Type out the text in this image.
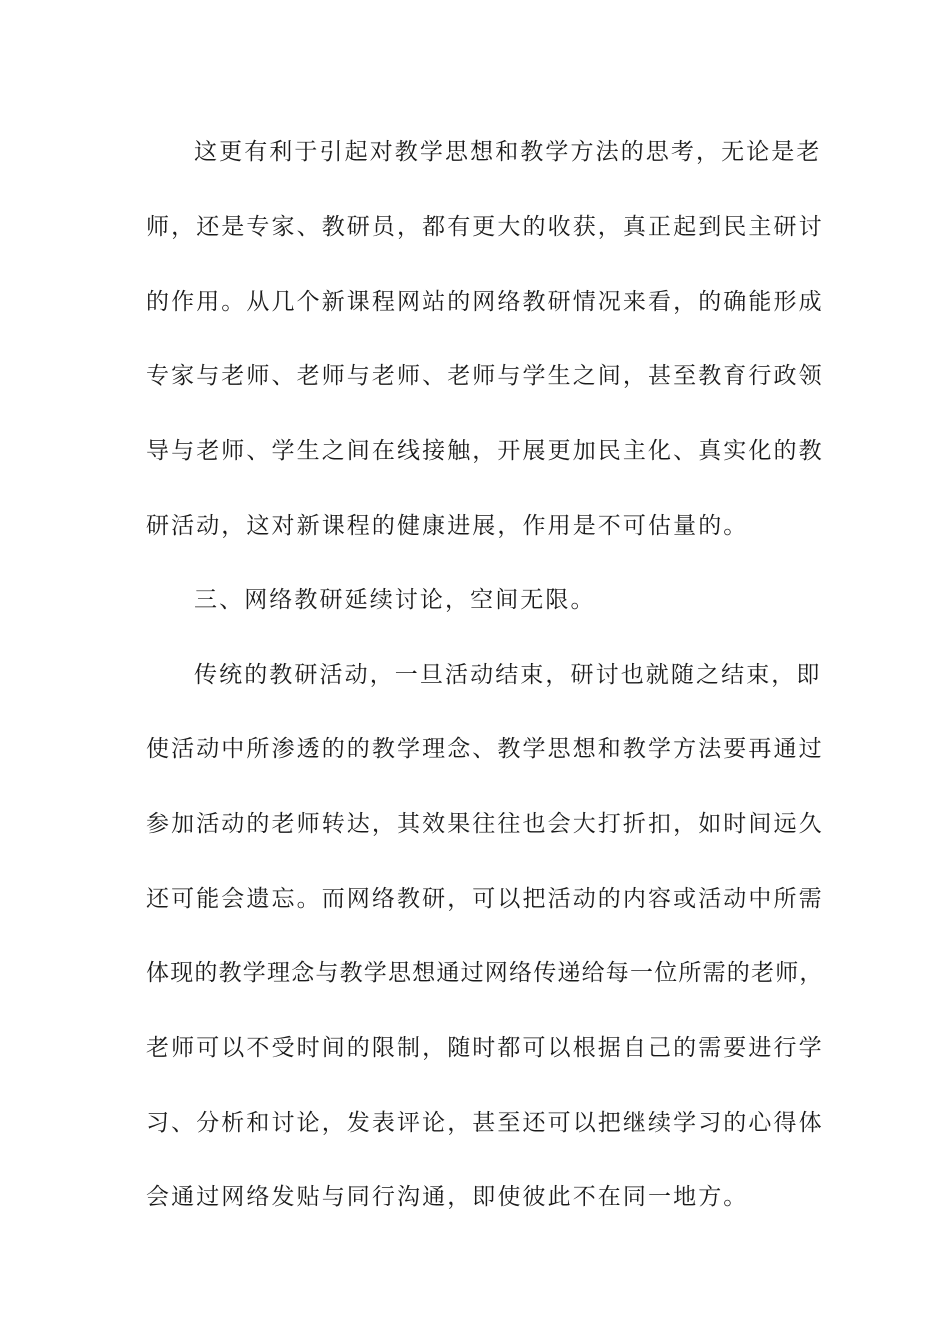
这更有利于引起对教学思想和教学方法的思考，无论是老

师，还是专家、教研员，都有更大的收获，真正起到民主研讨

的作用。从几个新课程网站的网络教研情况来看，的确能形成

专家与老师、老师与老师、老师与学生之间，甚至教育行政领

导与老师、学生之间在线接触，开展更加民主化、真实化的教

研活动，这对新课程的健康进展，作用是不可估量的。

三、网络教研延续讨论，空间无限。

传统的教研活动，一旦活动结束，研讨也就随之结束，即

使活动中所渗透的的教学理念、教学思想和教学方法要再通过

参加活动的老师转达，其效果往往也会大打折扣，如时间远久

还可能会遗忘。而网络教研，可以把活动的内容或活动中所需

体现的教学理念与教学思想通过网络传递给每一位所需的老师，

老师可以不受时间的限制，随时都可以根据自己的需要进行学

习、分析和讨论，发表评论，甚至还可以把继续学习的心得体

会通过网络发贴与同行沟通，即使彼此不在同一地方。
